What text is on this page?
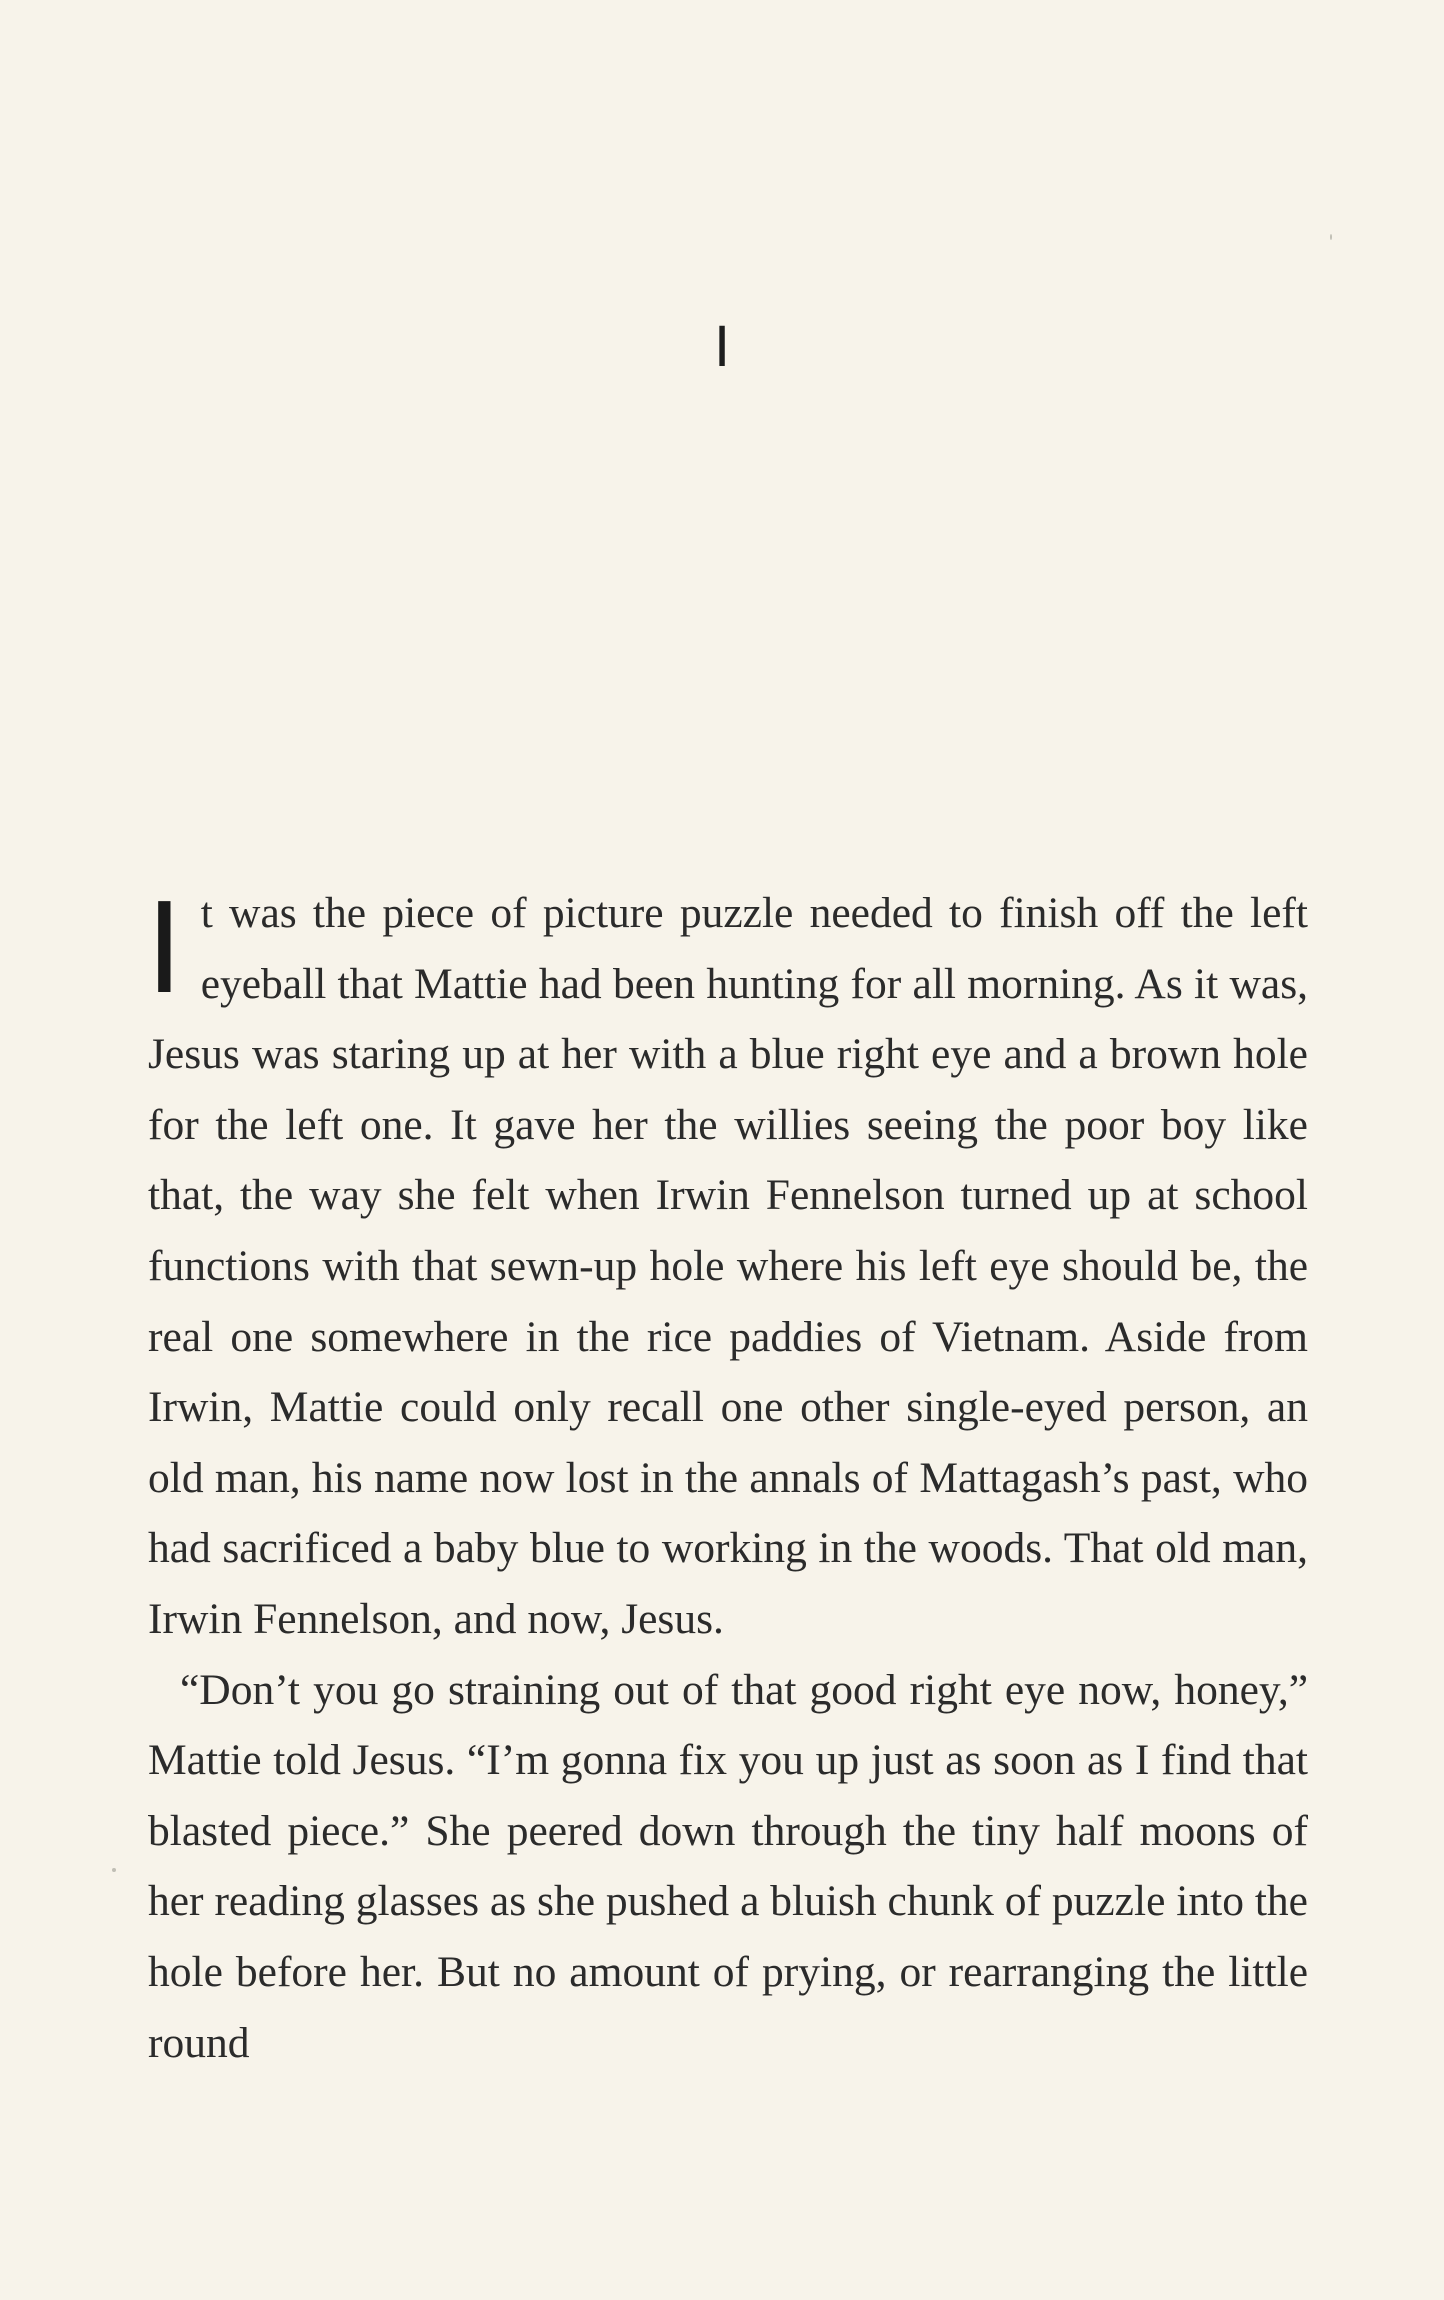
I

It was the piece of picture puzzle needed to finish off the left eyeball that Mattie had been hunting for all morning. As it was, Jesus was staring up at her with a blue right eye and a brown hole for the left one. It gave her the willies seeing the poor boy like that, the way she felt when Irwin Fennelson turned up at school functions with that sewn-up hole where his left eye should be, the real one somewhere in the rice paddies of Vietnam. Aside from Irwin, Mattie could only recall one other single-eyed person, an old man, his name now lost in the annals of Mattagash’s past, who had sacrificed a baby blue to working in the woods. That old man, Irwin Fennelson, and now, Jesus.

“Don’t you go straining out of that good right eye now, honey,” Mattie told Jesus. “I’m gonna fix you up just as soon as I find that blasted piece.” She peered down through the tiny half moons of her reading glasses as she pushed a bluish chunk of puzzle into the hole before her. But no amount of prying, or rearranging the little round
